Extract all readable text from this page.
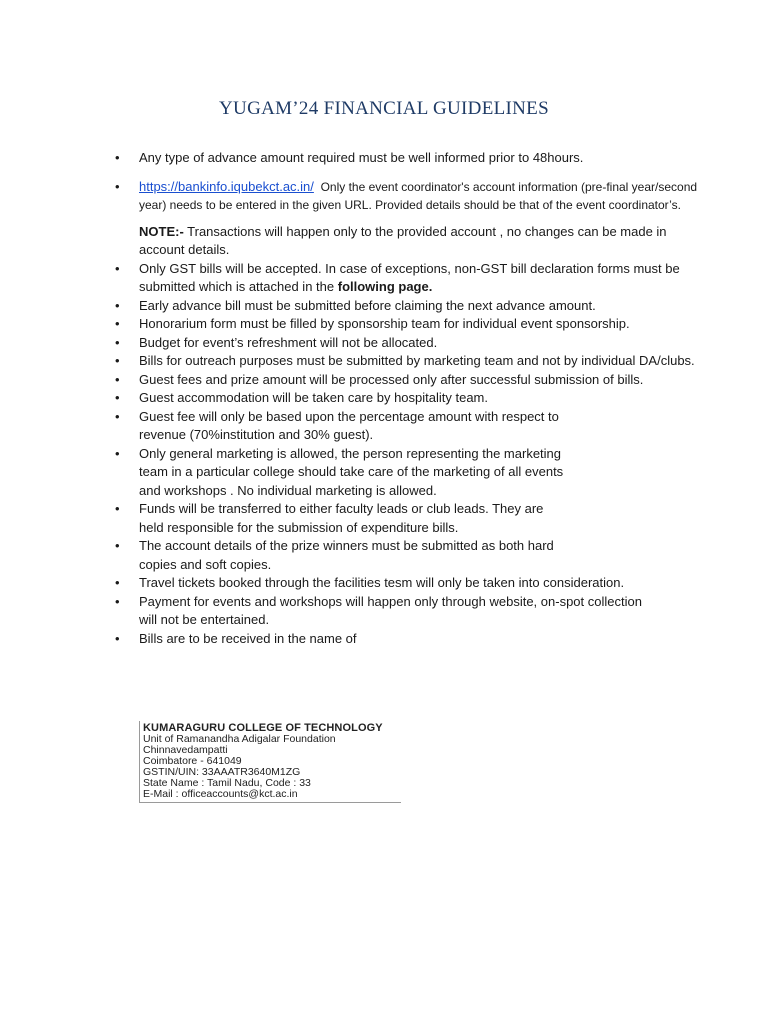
YUGAM’24 FINANCIAL GUIDELINES
• Any type of advance amount required must be well informed prior to 48hours.
• https://bankinfo.iqubekct.ac.in/ Only the event coordinator's account information (pre-final year/second year) needs to be entered in the given URL. Provided details should be that of the event coordinator’s.
NOTE:- Transactions will happen only to the provided account , no changes can be made in account details.
• Only GST bills will be accepted. In case of exceptions, non-GST bill declaration forms must be submitted which is attached in the following page.
• Early advance bill must be submitted before claiming the next advance amount.
• Honorarium form must be filled by sponsorship team for individual event sponsorship.
• Budget for event’s refreshment will not be allocated.
• Bills for outreach purposes must be submitted by marketing team and not by individual DA/clubs.
• Guest fees and prize amount will be processed only after successful submission of bills.
• Guest accommodation will be taken care by hospitality team.
• Guest fee will only be based upon the percentage amount with respect to revenue (70%institution and 30% guest).
• Only general marketing is allowed, the person representing the marketing team in a particular college should take care of the marketing of all events and workshops . No individual marketing is allowed.
• Funds will be transferred to either faculty leads or club leads. They are held responsible for the submission of expenditure bills.
• The account details of the prize winners must be submitted as both hard copies and soft copies.
• Travel tickets booked through the facilities tesm will only be taken into consideration.
• Payment for events and workshops will happen only through website, on-spot collection will not be entertained.
• Bills are to be received in the name of
KUMARAGURU COLLEGE OF TECHNOLOGY
Unit of Ramanandha Adigalar Foundation
Chinnavedampatti
Coimbatore - 641049
GSTIN/UIN: 33AAATR3640M1ZG
State Name : Tamil Nadu, Code : 33
E-Mail : officeaccounts@kct.ac.in
